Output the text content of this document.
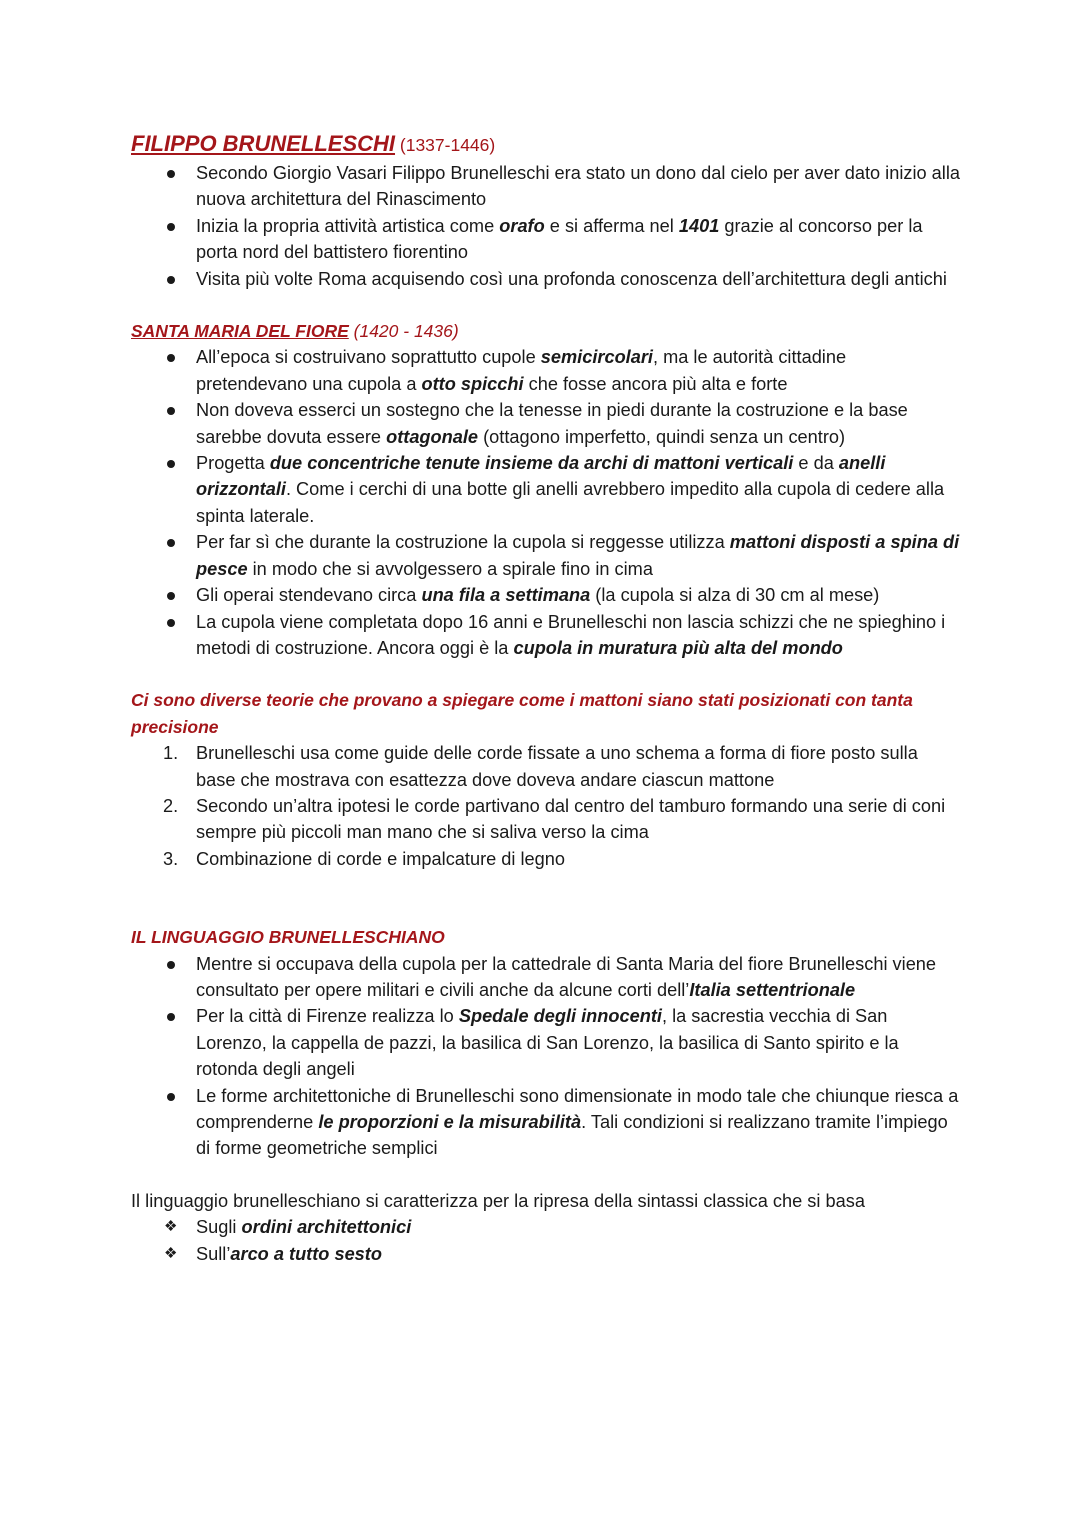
FILIPPO BRUNELLESCHI (1337-1446)
Secondo Giorgio Vasari Filippo Brunelleschi era stato un dono dal cielo per aver dato inizio alla nuova architettura del Rinascimento
Inizia la propria attività artistica come orafo e si afferma nel 1401 grazie al concorso per la porta nord del battistero fiorentino
Visita più volte Roma acquisendo così una profonda conoscenza dell’architettura degli antichi
SANTA MARIA DEL FIORE (1420 - 1436)
All’epoca si costruivano soprattutto cupole semicircolari, ma le autorità cittadine pretendevano una cupola a otto spicchi che fosse ancora più alta e forte
Non doveva esserci un sostegno che la tenesse in piedi durante la costruzione e la base sarebbe dovuta essere ottagonale (ottagono imperfetto, quindi senza un centro)
Progetta due concentriche tenute insieme da archi di mattoni verticali e da anelli orizzontali. Come i cerchi di una botte gli anelli avrebbero impedito alla cupola di cedere alla spinta laterale.
Per far sì che durante la costruzione la cupola si reggesse utilizza mattoni disposti a spina di pesce in modo che si avvolgessero a spirale fino in cima
Gli operai stendevano circa una fila a settimana (la cupola si alza di 30 cm al mese)
La cupola viene completata dopo 16 anni e Brunelleschi non lascia schizzi che ne spieghino i metodi di costruzione. Ancora oggi è la cupola in muratura più alta del mondo
Ci sono diverse teorie che provano a spiegare come i mattoni siano stati posizionati con tanta precisione
1. Brunelleschi usa come guide delle corde fissate a uno schema a forma di fiore posto sulla base che mostrava con esattezza dove doveva andare ciascun mattone
2. Secondo un’altra ipotesi le corde partivano dal centro del tamburo formando una serie di coni sempre più piccoli man mano che si saliva verso la cima
3. Combinazione di corde e impalcature di legno
IL LINGUAGGIO BRUNELLESCHIANO
Mentre si occupava della cupola per la cattedrale di Santa Maria del fiore Brunelleschi viene consultato per opere militari e civili anche da alcune corti dell’Italia settentrionale
Per la città di Firenze realizza lo Spedale degli innocenti, la sacrestia vecchia di San Lorenzo, la cappella de pazzi, la basilica di San Lorenzo, la basilica di Santo spirito e la rotonda degli angeli
Le forme architettoniche di Brunelleschi sono dimensionate in modo tale che chiunque riesca a comprenderne le proporzioni e la misurabilità. Tali condizioni si realizzano tramite l’impiego di forme geometriche semplici
Il linguaggio brunelleschiano si caratterizza per la ripresa della sintassi classica che si basa
❖ Sugli ordini architettonici
❖ Sull’arco a tutto sesto
